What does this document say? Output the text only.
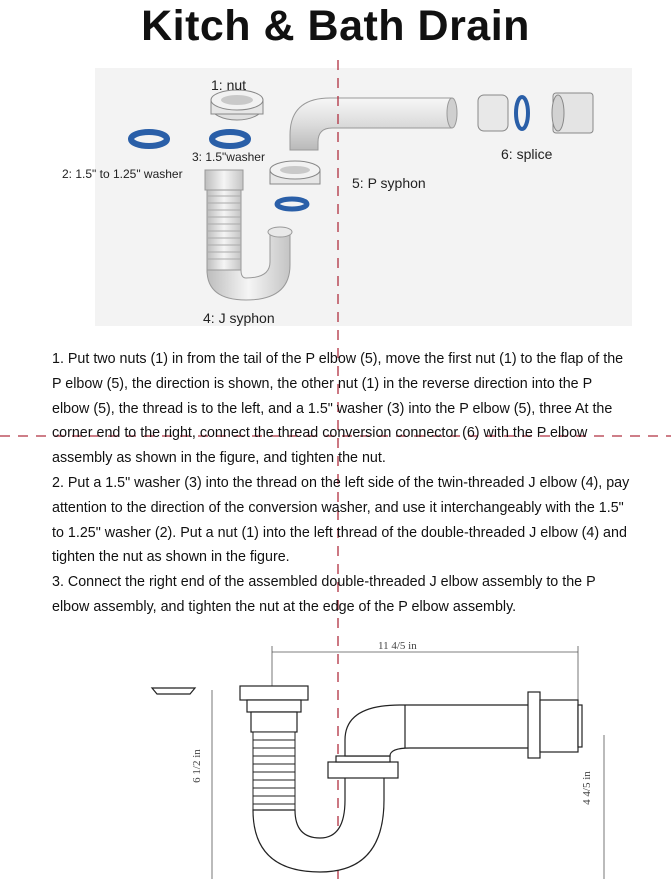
Kitch & Bath Drain
1: nut
2: 1.5" to 1.25" washer
3: 1.5"washer
4: J syphon
5: P syphon
6: splice

1. Put two nuts (1) in from the tail of the P elbow (5), move the first nut (1) to the flap of the P elbow (5), the direction is shown, the other nut (1) in the reverse direction into the P elbow (5), the thread is to the left, and a 1.5" washer (3) into the P elbow (5), three At the corner end to the right, connect the thread conversion connector (6) with the P elbow assembly as shown in the figure, and tighten the nut.

2. Put a 1.5" washer (3) into the thread on the left side of the twin-threaded J elbow (4), pay attention to the direction of the conversion washer, and use it interchangeably with the 1.5" to 1.25" washer (2). Put a nut (1) into the left thread of the double-threaded J elbow (4) and tighten the nut as shown in the figure.

3. Connect the right end of the assembled double-threaded J elbow assembly to the P elbow assembly, and tighten the nut at the edge of the P elbow assembly.

11 4/5 in
6 1/2 in
4 4/5 in
